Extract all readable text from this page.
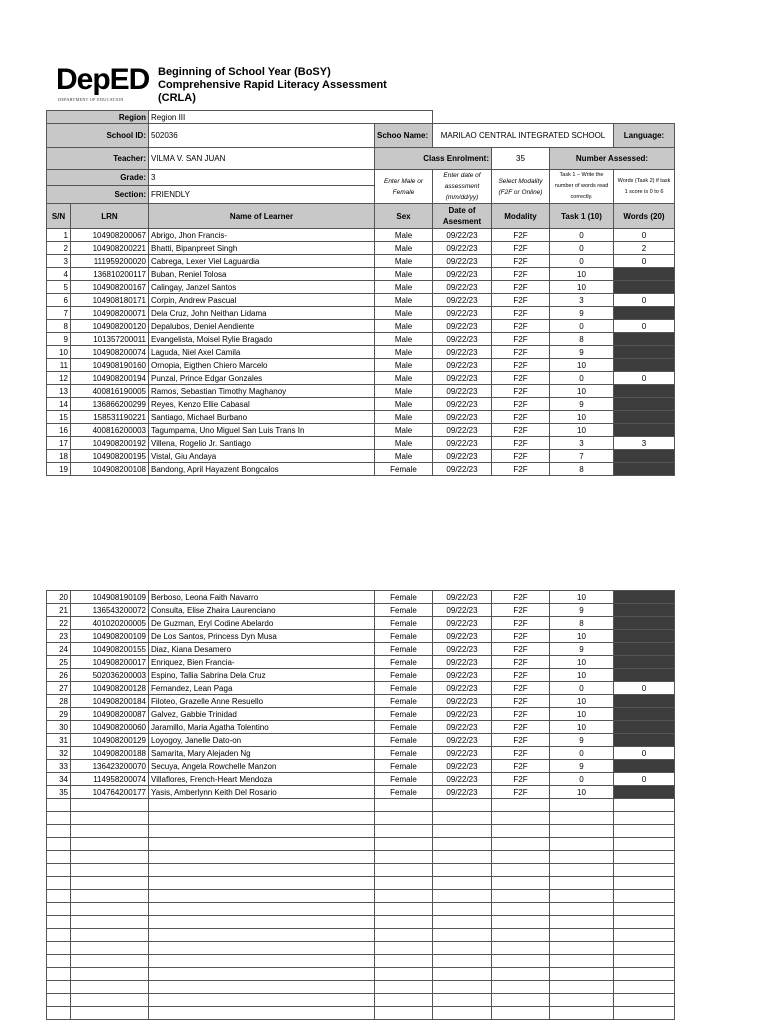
DepED
DEPARTMENT OF EDUCATION
Beginning of School Year (BoSY)
Comprehensive Rapid Literacy Assessment
(CRLA)
Region		Region III					
School ID:		502036	Schoo Name:	MARILAO CENTRAL INTEGRATED SCHOOL			Language:
Teacher:		VILMA V. SAN JUAN	Class Enrolment:		35	Number Assessed:	
Grade:		3	Enter Male or Female	Enter date of assessment (mm/dd/yy)	Select Modality (F2F or Online)	Task 1 – Write the number of words read correctly.	Words (Task 2) if task 1 score is 0 to 6
Section:		FRIENDLY					
S/N	LRN	Name of Learner	Sex	Date of Asesment	Modality	Task 1 (10)	Words (20)
1	104908200067	Abrigo, Jhon Francis-	Male	09/22/23	F2F	0	0
2	104908200221	Bhatti, Bipanpreet Singh	Male	09/22/23	F2F	0	2
3	111959200020	Cabrega, Lexer Viel Laguardia	Male	09/22/23	F2F	0	0
4	136810200117	Buban, Reniel Tolosa	Male	09/22/23	F2F	10	
5	104908200167	Calingay, Janzel Santos	Male	09/22/23	F2F	10	
6	104908180171	Corpin, Andrew Pascual	Male	09/22/23	F2F	3	0
7	104908200071	Dela Cruz, John Neithan Lidama	Male	09/22/23	F2F	9	
8	104908200120	Depalubos, Deniel Aendiente	Male	09/22/23	F2F	0	0
9	101357200011	Evangelista, Moisel Rylie Bragado	Male	09/22/23	F2F	8	
10	104908200074	Laguda, Niel Axel Camila	Male	09/22/23	F2F	9	
11	104908190160	Ornopia, Eigthen Chiero Marcelo	Male	09/22/23	F2F	10	
12	104908200194	Punzal, Prince Edgar Gonzales	Male	09/22/23	F2F	0	0
13	400816190005	Ramos, Sebastian Timothy Maghanoy	Male	09/22/23	F2F	10	
14	136866200299	Reyes, Kenzo Ellie Cabasal	Male	09/22/23	F2F	9	
15	158531190221	Santiago, Michael Burbano	Male	09/22/23	F2F	10	
16	400816200003	Tagumpama, Uno Miguel San Luis Trans In	Male	09/22/23	F2F	10	
17	104908200192	Villena, Rogelio Jr. Santiago	Male	09/22/23	F2F	3	3
18	104908200195	Vistal, Giu Andaya	Male	09/22/23	F2F	7	
19	104908200108	Bandong, April Hayazent Bongcalos	Female	09/22/23	F2F	8	
20	104908190109	Berboso, Leona Faith Navarro	Female	09/22/23	F2F	10	
21	136543200072	Consulta, Elise Zhaira Laurenciano	Female	09/22/23	F2F	9	
22	401020200005	De Guzman, Eryl Codine Abelardo	Female	09/22/23	F2F	8	
23	104908200109	De Los Santos, Princess Dyn Musa	Female	09/22/23	F2F	10	
24	104908200155	Diaz, Kiana Desamero	Female	09/22/23	F2F	9	
25	104908200017	Enriquez, Bien Francia-	Female	09/22/23	F2F	10	
26	502036200003	Espino, Tallia Sabrina Dela Cruz	Female	09/22/23	F2F	10	
27	104908200128	Fernandez, Lean Paga	Female	09/22/23	F2F	0	0
28	104908200184	Filoteo, Grazelle Anne Resuello	Female	09/22/23	F2F	10	
29	104908200087	Galvez, Gabbie Trinidad	Female	09/22/23	F2F	10	
30	104908200060	Jaramillo, Maria Agatha Tolentino	Female	09/22/23	F2F	10	
31	104908200129	Loyogoy, Janelle Dato-on	Female	09/22/23	F2F	9	
32	104908200188	Samarita, Mary Alejaden Ng	Female	09/22/23	F2F	0	0
33	136423200070	Secuya, Angela Rowchelle Manzon	Female	09/22/23	F2F	9	
34	114958200074	Villaflores, French-Heart Mendoza	Female	09/22/23	F2F	0	0
35	104764200177	Yasis, Amberlynn Keith Del Rosario	Female	09/22/23	F2F	10	
